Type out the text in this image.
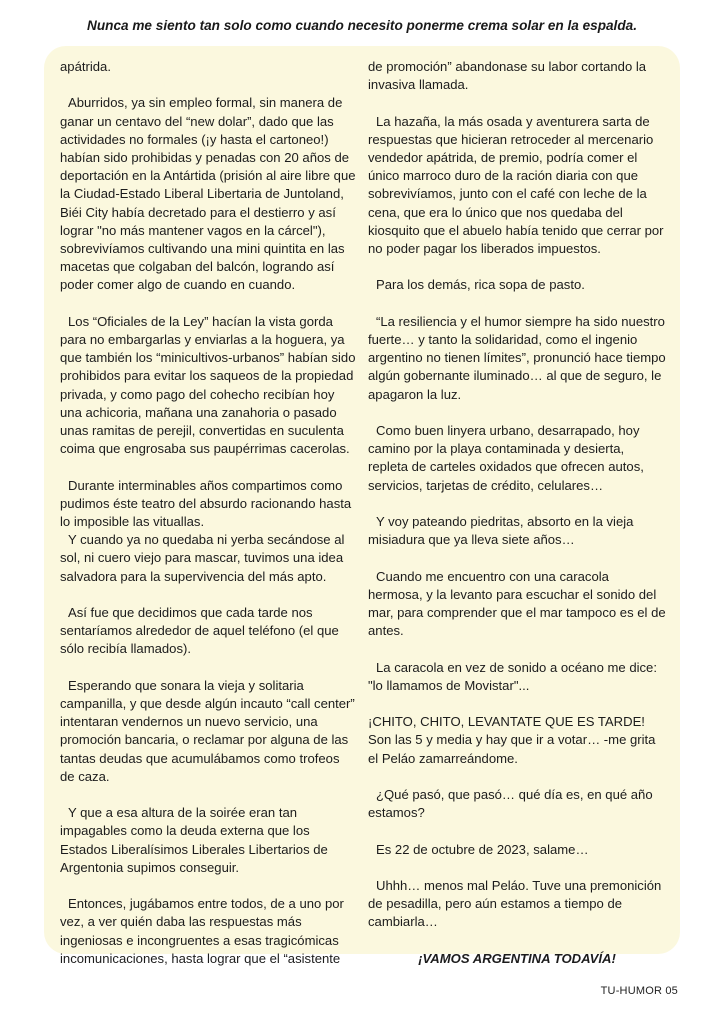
Nunca me siento tan solo como cuando necesito ponerme crema solar en la espalda.

apátrida.

Aburridos, ya sin empleo formal, sin manera de ganar un centavo del “new dolar”, dado que las actividades no formales (¡y hasta el cartoneo!) habían sido prohibidas y penadas con 20 años de deportación en la Antártida (prisión al aire libre que la Ciudad-Estado Liberal Libertaria de Juntoland, Biéi City había decretado para el destierro y así lograr "no más mantener vagos en la cárcel"), sobrevivíamos cultivando una mini quintita en las macetas que colgaban del balcón, logrando así poder comer algo de cuando en cuando.

Los “Oficiales de la Ley” hacían la vista gorda para no embargarlas y enviarlas a la hoguera, ya que también los “minicultivos-urbanos” habían sido prohibidos para evitar los saqueos de la propiedad privada, y como pago del cohecho recibían hoy una achicoria, mañana una zanahoria o pasado unas ramitas de perejil, convertidas en suculenta coima que engrosaba sus paupérrimas cacerolas.

Durante interminables años compartimos como pudimos éste teatro del absurdo racionando hasta lo imposible las vituallas.

Y cuando ya no quedaba ni yerba secándose al sol, ni cuero viejo para mascar, tuvimos una idea salvadora para la supervivencia del más apto.

Así fue que decidimos que cada tarde nos sentaríamos alrededor de aquel teléfono (el que sólo recibía llamados).

Esperando que sonara la vieja y solitaria campanilla, y que desde algún incauto “call center” intentaran vendernos un nuevo servicio, una promoción bancaria, o reclamar por alguna de las tantas deudas que acumulábamos como trofeos de caza.

Y que a esa altura de la soirée eran tan impagables como la deuda externa que los Estados Liberalísimos Liberales Libertarios de Argentonia supimos conseguir.

Entonces, jugábamos entre todos, de a uno por vez, a ver quién daba las respuestas más ingeniosas e incongruentes a esas tragicómicas incomunicaciones, hasta lograr que el “asistente

de promoción” abandonase su labor cortando la invasiva llamada.

La hazaña, la más osada y aventurera sarta de respuestas que hicieran retroceder al mercenario vendedor apátrida, de premio, podría comer el único marroco duro de la ración diaria con que sobrevivíamos, junto con el café con leche de la cena, que era lo único que nos quedaba del kiosquito que el abuelo había tenido que cerrar por no poder pagar los liberados impuestos.

Para los demás, rica sopa de pasto.

“La resiliencia y el humor siempre ha sido nuestro fuerte… y tanto la solidaridad, como el ingenio argentino no tienen límites”, pronunció hace tiempo algún gobernante iluminado… al que de seguro, le apagaron la luz.

Como buen linyera urbano, desarrapado, hoy camino por la playa contaminada y desierta, repleta de carteles oxidados que ofrecen autos, servicios, tarjetas de crédito, celulares…

Y voy pateando piedritas, absorto en la vieja misiadura que ya lleva siete años…

Cuando me encuentro con una caracola hermosa, y la levanto para escuchar el sonido del mar, para comprender que el mar tampoco es el de antes.

La caracola en vez de sonido a océano me dice: "lo llamamos de Movistar"...

¡CHITO, CHITO, LEVANTATE QUE ES TARDE! Son las 5 y media y hay que ir a votar… -me grita el Peláo zamarreándome.

¿Qué pasó, que pasó… qué día es, en qué año estamos?

Es 22 de octubre de 2023, salame…

Uhhh… menos mal Peláo. Tuve una premonición de pesadilla, pero aún estamos a tiempo de cambiarla…

¡VAMOS ARGENTINA TODAVÍA!

TU-HUMOR 05
